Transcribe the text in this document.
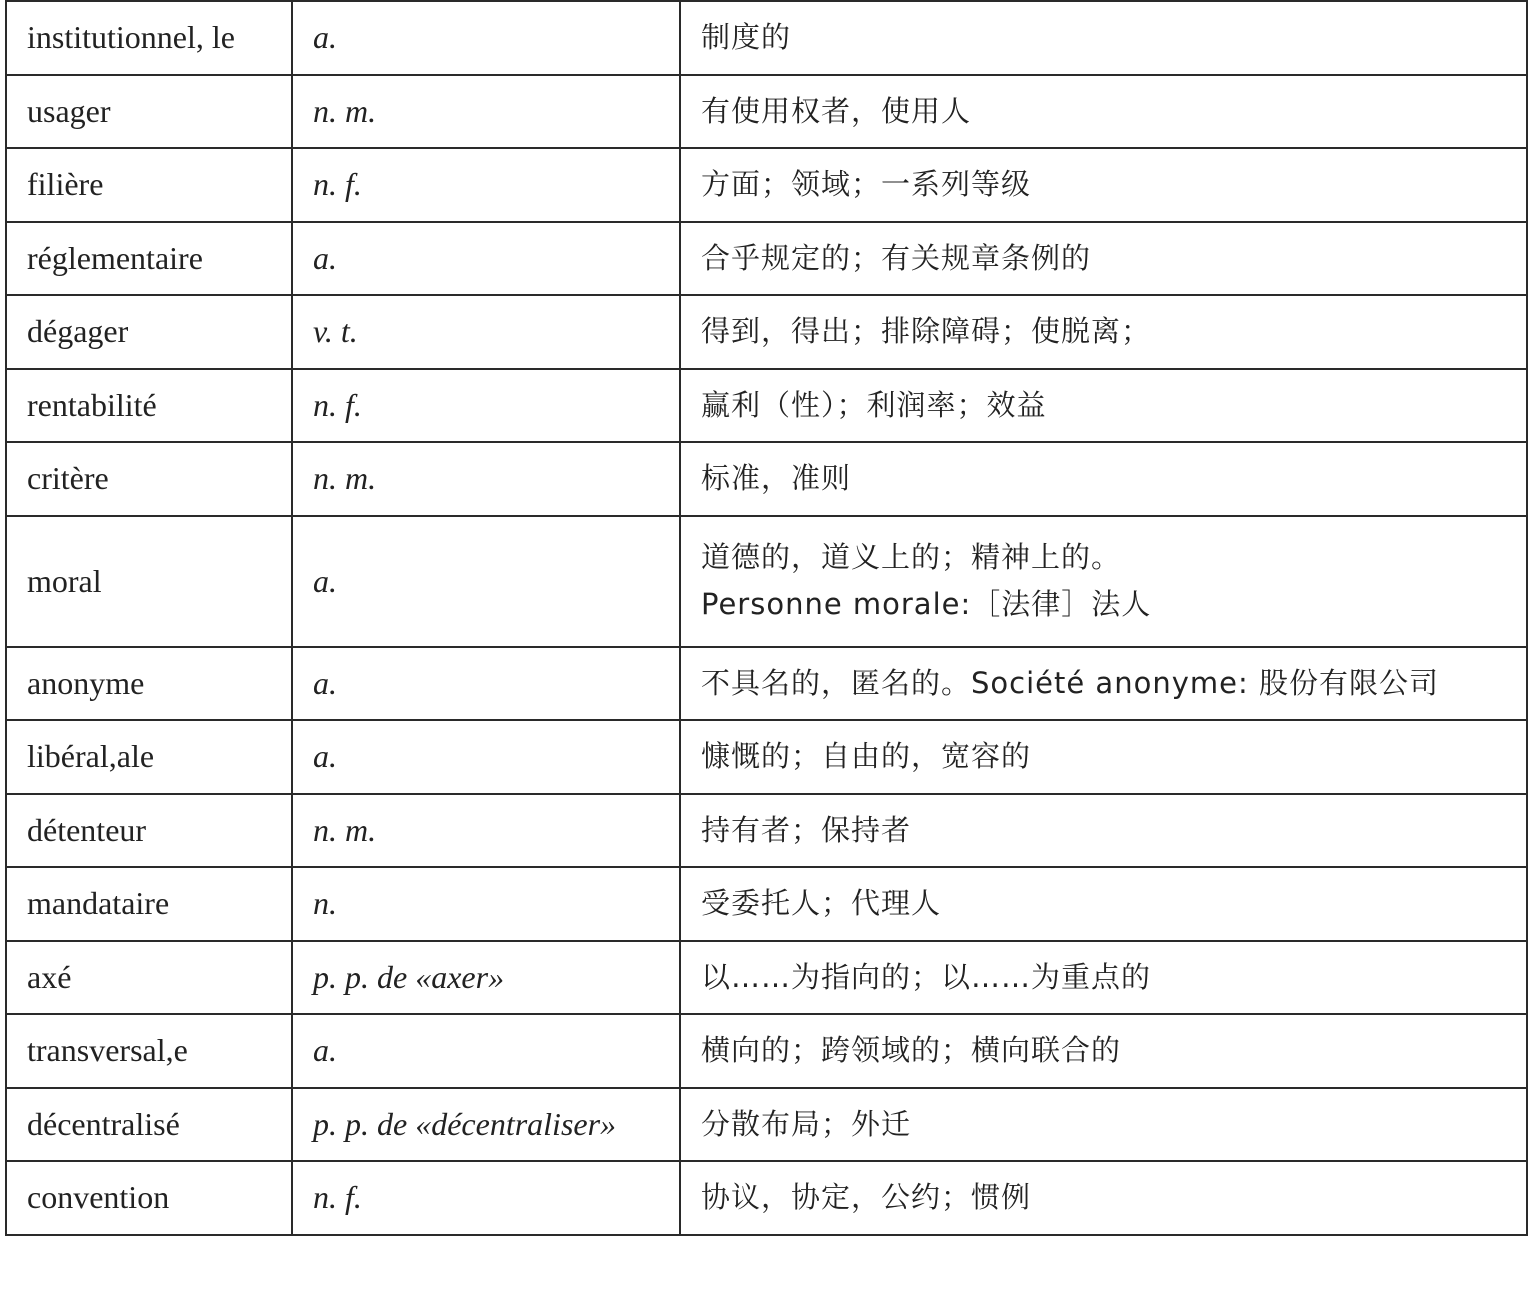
institutionnel, le	a.	制度的

usager	n. m.	有使用权者，使用人

filière	n. f.	方面；领域；一系列等级

réglementaire	a.	合乎规定的；有关规章条例的

dégager	v. t.	得到，得出；排除障碍；使脱离；

rentabilité	n. f.	赢利（性）；利润率；效益

critère	n. m.	标准，准则

moral	a.	道德的，道义上的；精神上的。
Personne morale:［法律］法人

anonyme	a.	不具名的，匿名的。Société anonyme: 股份有限公司

libéral,ale	a.	慷慨的；自由的，宽容的

détenteur	n. m.	持有者；保持者

mandataire	n.	受委托人；代理人

axé	p. p. de «axer»	以……为指向的；以……为重点的

transversal,e	a.	横向的；跨领域的；横向联合的

décentralisé	p. p. de «décentraliser»	分散布局；外迁

convention	n. f.	协议，协定，公约；惯例
